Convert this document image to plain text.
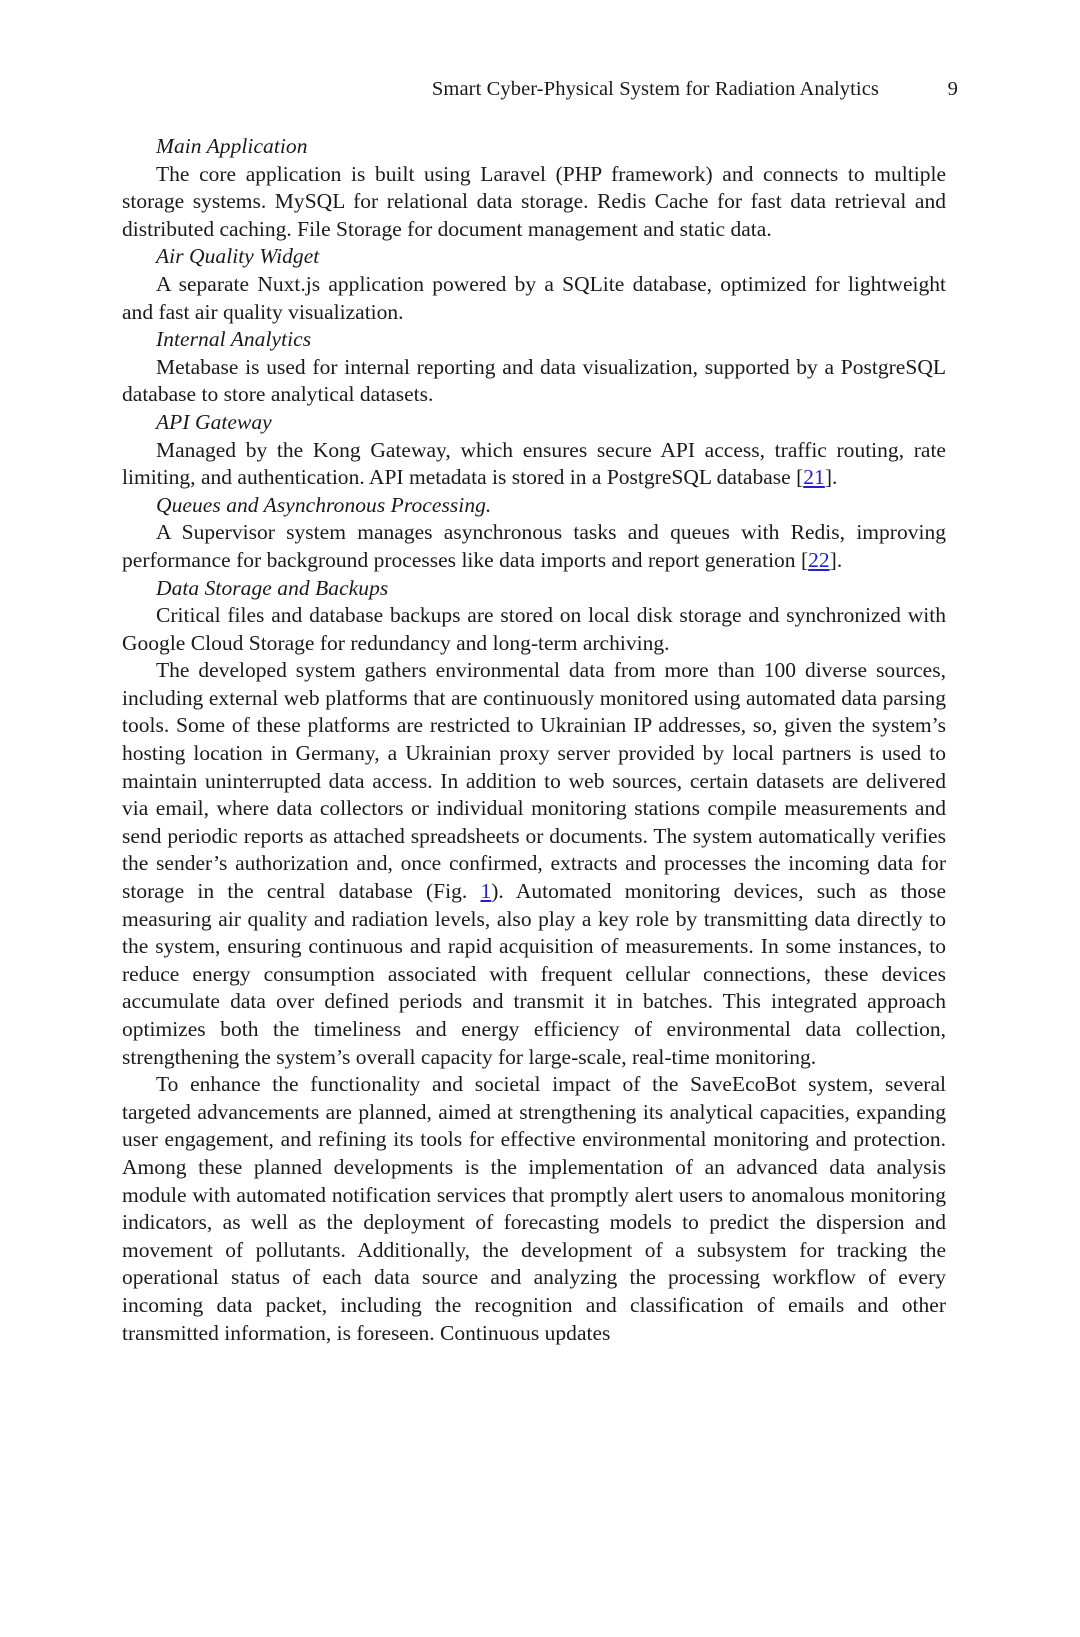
Smart Cyber-Physical System for Radiation Analytics	9
Main Application

The core application is built using Laravel (PHP framework) and connects to multiple storage systems. MySQL for relational data storage. Redis Cache for fast data retrieval and distributed caching. File Storage for document management and static data.

Air Quality Widget

A separate Nuxt.js application powered by a SQLite database, optimized for lightweight and fast air quality visualization.

Internal Analytics

Metabase is used for internal reporting and data visualization, supported by a PostgreSQL database to store analytical datasets.

API Gateway

Managed by the Kong Gateway, which ensures secure API access, traffic routing, rate limiting, and authentication. API metadata is stored in a PostgreSQL database [21].

Queues and Asynchronous Processing.

A Supervisor system manages asynchronous tasks and queues with Redis, improving performance for background processes like data imports and report generation [22].

Data Storage and Backups

Critical files and database backups are stored on local disk storage and synchronized with Google Cloud Storage for redundancy and long-term archiving.

The developed system gathers environmental data from more than 100 diverse sources, including external web platforms that are continuously monitored using automated data parsing tools. Some of these platforms are restricted to Ukrainian IP addresses, so, given the system’s hosting location in Germany, a Ukrainian proxy server provided by local partners is used to maintain uninterrupted data access. In addition to web sources, certain datasets are delivered via email, where data collectors or individual monitoring stations compile measurements and send periodic reports as attached spreadsheets or documents. The system automatically verifies the sender’s authorization and, once confirmed, extracts and processes the incoming data for storage in the central database (Fig. 1). Automated monitoring devices, such as those measuring air quality and radiation levels, also play a key role by transmitting data directly to the system, ensuring continuous and rapid acquisition of measurements. In some instances, to reduce energy consumption associated with frequent cellular connections, these devices accumulate data over defined periods and transmit it in batches. This integrated approach optimizes both the timeliness and energy efficiency of environmental data collection, strengthening the system’s overall capacity for large-scale, real-time monitoring.

To enhance the functionality and societal impact of the SaveEcoBot system, several targeted advancements are planned, aimed at strengthening its analytical capacities, expanding user engagement, and refining its tools for effective environmental monitoring and protection. Among these planned developments is the implementation of an advanced data analysis module with automated notification services that promptly alert users to anomalous monitoring indicators, as well as the deployment of forecasting models to predict the dispersion and movement of pollutants. Additionally, the development of a subsystem for tracking the operational status of each data source and analyzing the processing workflow of every incoming data packet, including the recognition and classification of emails and other transmitted information, is foreseen. Continuous updates
